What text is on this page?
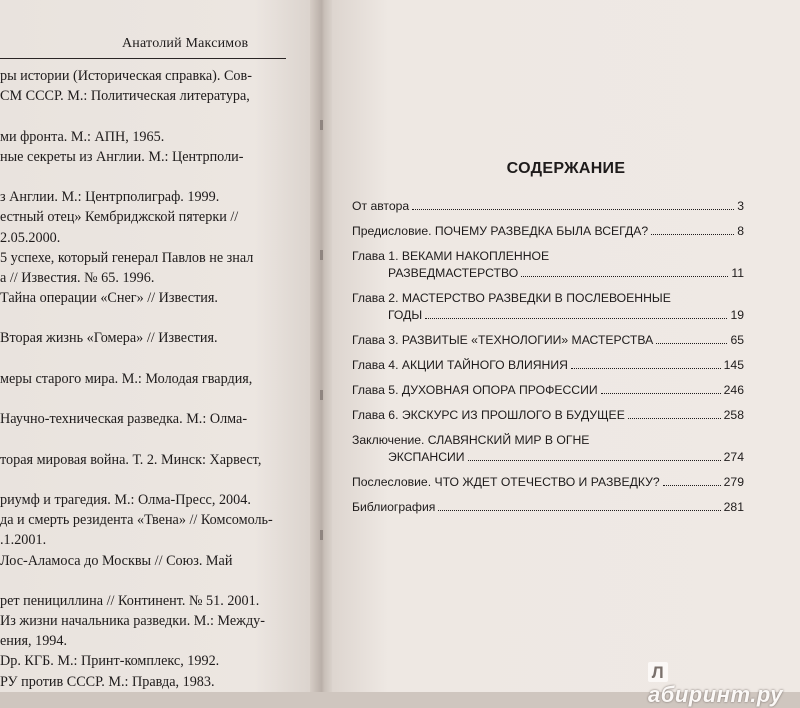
Анатолий Максимов
ры истории (Историческая справка). Сов-
СМ СССР. М.: Политическая литература,
ми фронта. М.: АПН, 1965.
ные секреты из Англии. М.: Центрполи-
з Англии. М.: Центрполиграф. 1999.
естный отец» Кембриджской пятерки //
2.05.2000.
5 успехе, который генерал Павлов не знал
а // Известия. № 65. 1996.
Тайна операции «Снег» // Известия.
Вторая жизнь «Гомера» // Известия.
меры старого мира. М.: Молодая гвардия,
Научно-техническая разведка. М.: Олма-
торая мировая война. Т. 2. Минск: Харвест,
риумф и трагедия. М.: Олма-Пресс, 2004.
да и смерть резидента «Твена» // Комсомоль-
.1.2001.
Лос-Аламоса до Москвы // Союз. Май
рет пенициллина // Континент. № 51. 2001.
Из жизни начальника разведки. М.: Между-
ения, 1994.
Dp. КГБ. М.: Принт-комплекс, 1992.
РУ против СССР. М.: Правда, 1983.
СОДЕРЖАНИЕ
От автора	3
Предисловие. ПОЧЕМУ РАЗВЕДКА БЫЛА ВСЕГДА?	8
Глава 1. ВЕКАМИ НАКОПЛЕННОЕ
РАЗВЕДМАСТЕРСТВО	11
Глава 2. МАСТЕРСТВО РАЗВЕДКИ В ПОСЛЕВОЕННЫЕ
ГОДЫ	19
Глава 3. РАЗВИТЫЕ «ТЕХНОЛОГИИ» МАСТЕРСТВА	65
Глава 4. АКЦИИ ТАЙНОГО ВЛИЯНИЯ	145
Глава 5. ДУХОВНАЯ ОПОРА ПРОФЕССИИ	246
Глава 6. ЭКСКУРС ИЗ ПРОШЛОГО В БУДУЩЕЕ	258
Заключение. СЛАВЯНСКИЙ МИР В ОГНЕ
ЭКСПАНСИИ	274
Послесловие. ЧТО ЖДЕТ ОТЕЧЕСТВО И РАЗВЕДКУ?	279
Библиография	281
Лабиринт.ру
